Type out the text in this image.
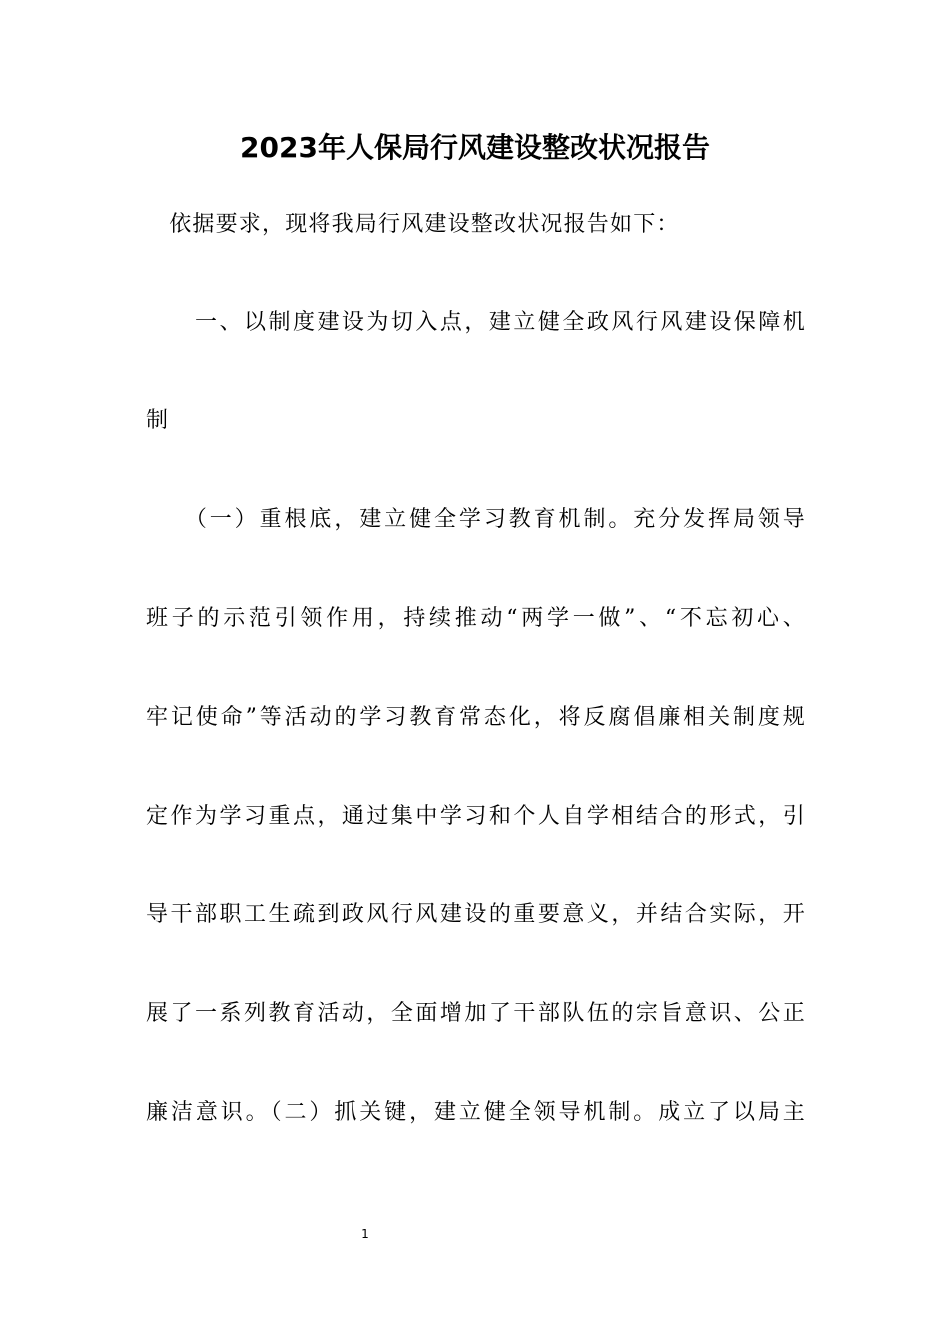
2023年人保局行风建设整改状况报告
　依据要求，现将我局行风建设整改状况报告如下：
　　一、以制度建设为切入点，建立健全政风行风建设保障机
制
　　（一）重根底，建立健全学习教育机制。充分发挥局领导
班子的示范引领作用，持续推动“两学一做”、“不忘初心、
牢记使命”等活动的学习教育常态化，将反腐倡廉相关制度规
定作为学习重点，通过集中学习和个人自学相结合的形式，引
导干部职工生疏到政风行风建设的重要意义，并结合实际，开
展了一系列教育活动，全面增加了干部队伍的宗旨意识、公正
廉洁意识。（二）抓关键，建立健全领导机制。成立了以局主
1
